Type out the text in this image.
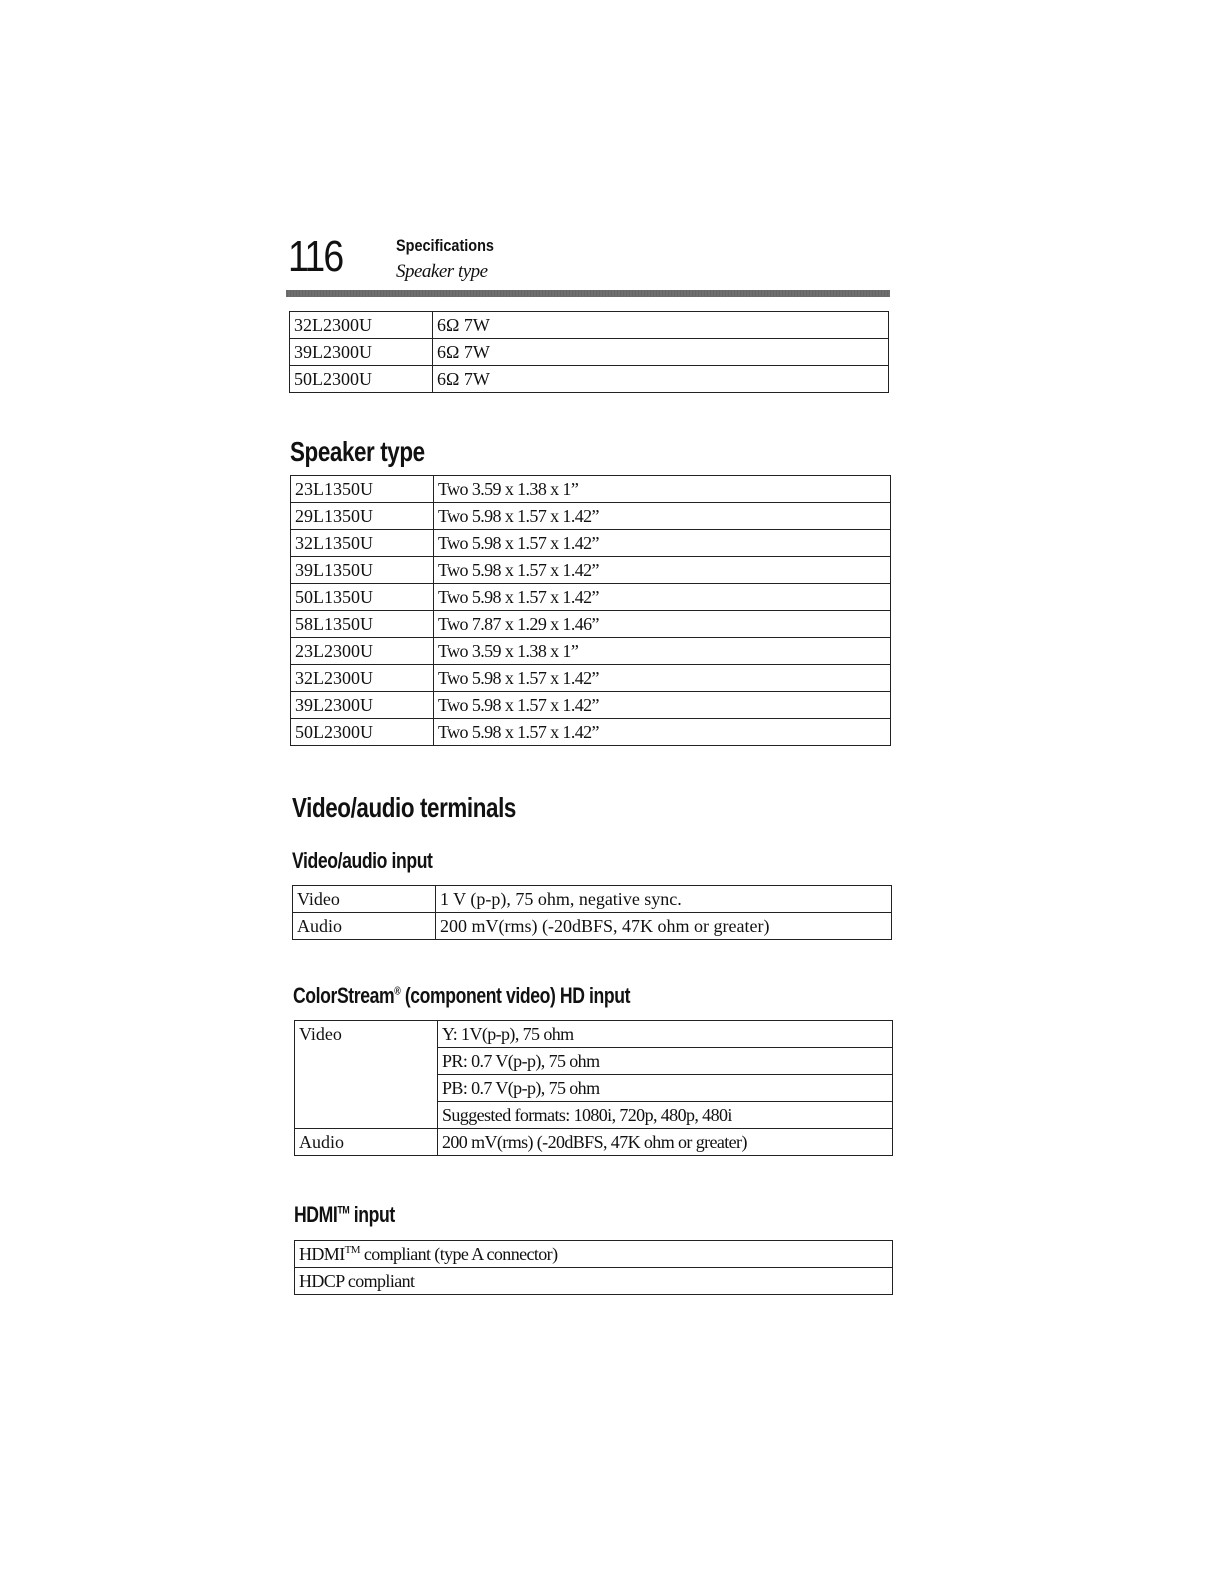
116	Specifications
Speaker type
32L2300U	6Ω 7W
39L2300U	6Ω 7W
50L2300U	6Ω 7W
Speaker type
23L1350U	Two 3.59 x 1.38 x 1”
29L1350U	Two 5.98 x 1.57 x 1.42”
32L1350U	Two 5.98 x 1.57 x 1.42”
39L1350U	Two 5.98 x 1.57 x 1.42”
50L1350U	Two 5.98 x 1.57 x 1.42”
58L1350U	Two 7.87 x 1.29 x 1.46”
23L2300U	Two 3.59 x 1.38 x 1”
32L2300U	Two 5.98 x 1.57 x 1.42”
39L2300U	Two 5.98 x 1.57 x 1.42”
50L2300U	Two 5.98 x 1.57 x 1.42”
Video/audio terminals
Video/audio input
Video	1 V (p-p), 75 ohm, negative sync.
Audio	200 mV(rms) (-20dBFS, 47K ohm or greater)
ColorStream® (component video) HD input
Video	Y: 1V(p-p), 75 ohm
	PR: 0.7 V(p-p), 75 ohm
	PB: 0.7 V(p-p), 75 ohm
	Suggested formats: 1080i, 720p, 480p, 480i
Audio	200 mV(rms) (-20dBFS, 47K ohm or greater)
HDMI™ input
HDMI™ compliant (type A connector)
HDCP compliant
